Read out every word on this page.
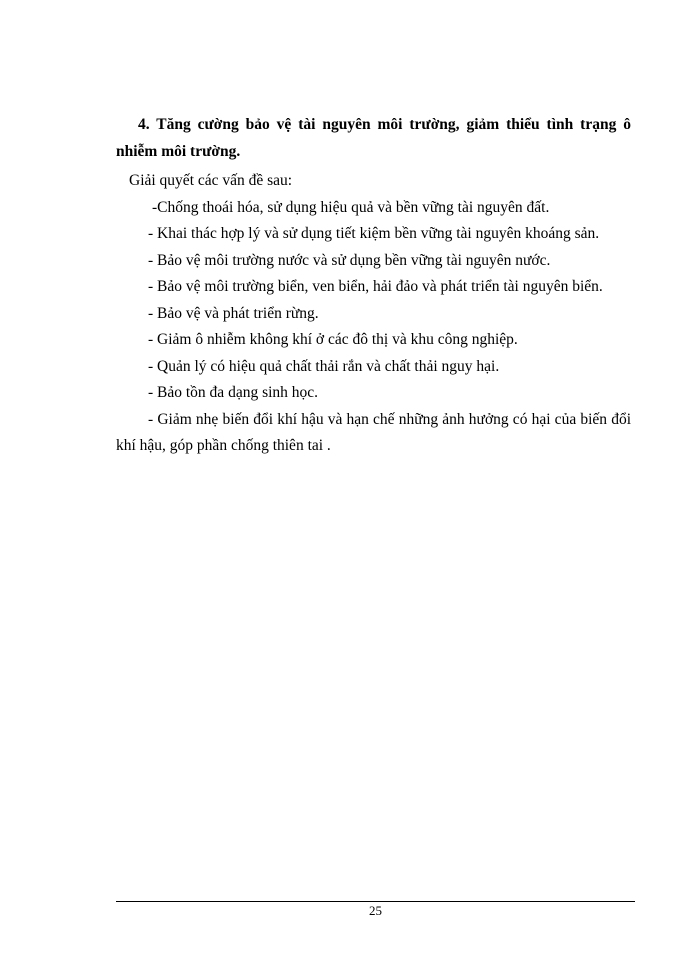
4. Tăng cường bảo vệ tài nguyên môi trường, giảm thiểu tình trạng ô nhiễm môi trường.

Giải quyết các vấn đề sau:

-Chống thoái hóa, sử dụng hiệu quả và bền vững tài nguyên đất.

- Khai thác hợp lý và sử dụng tiết kiệm bền vững tài nguyên khoáng sản.

- Bảo vệ môi trường nước và sử dụng bền vững tài nguyên nước.

- Bảo vệ môi trường biển, ven biển, hải đảo và phát triển tài nguyên biển.

- Bảo vệ và phát triển rừng.

- Giảm ô nhiễm không khí ở các đô thị và khu công nghiệp.

- Quản lý có hiệu quả chất thải rắn và chất thải nguy hại.

- Bảo tồn đa dạng sinh học.

- Giảm nhẹ biến đổi khí hậu và hạn chế những ảnh hưởng có hại của biến đổi khí hậu, góp phần chống thiên tai .

25
